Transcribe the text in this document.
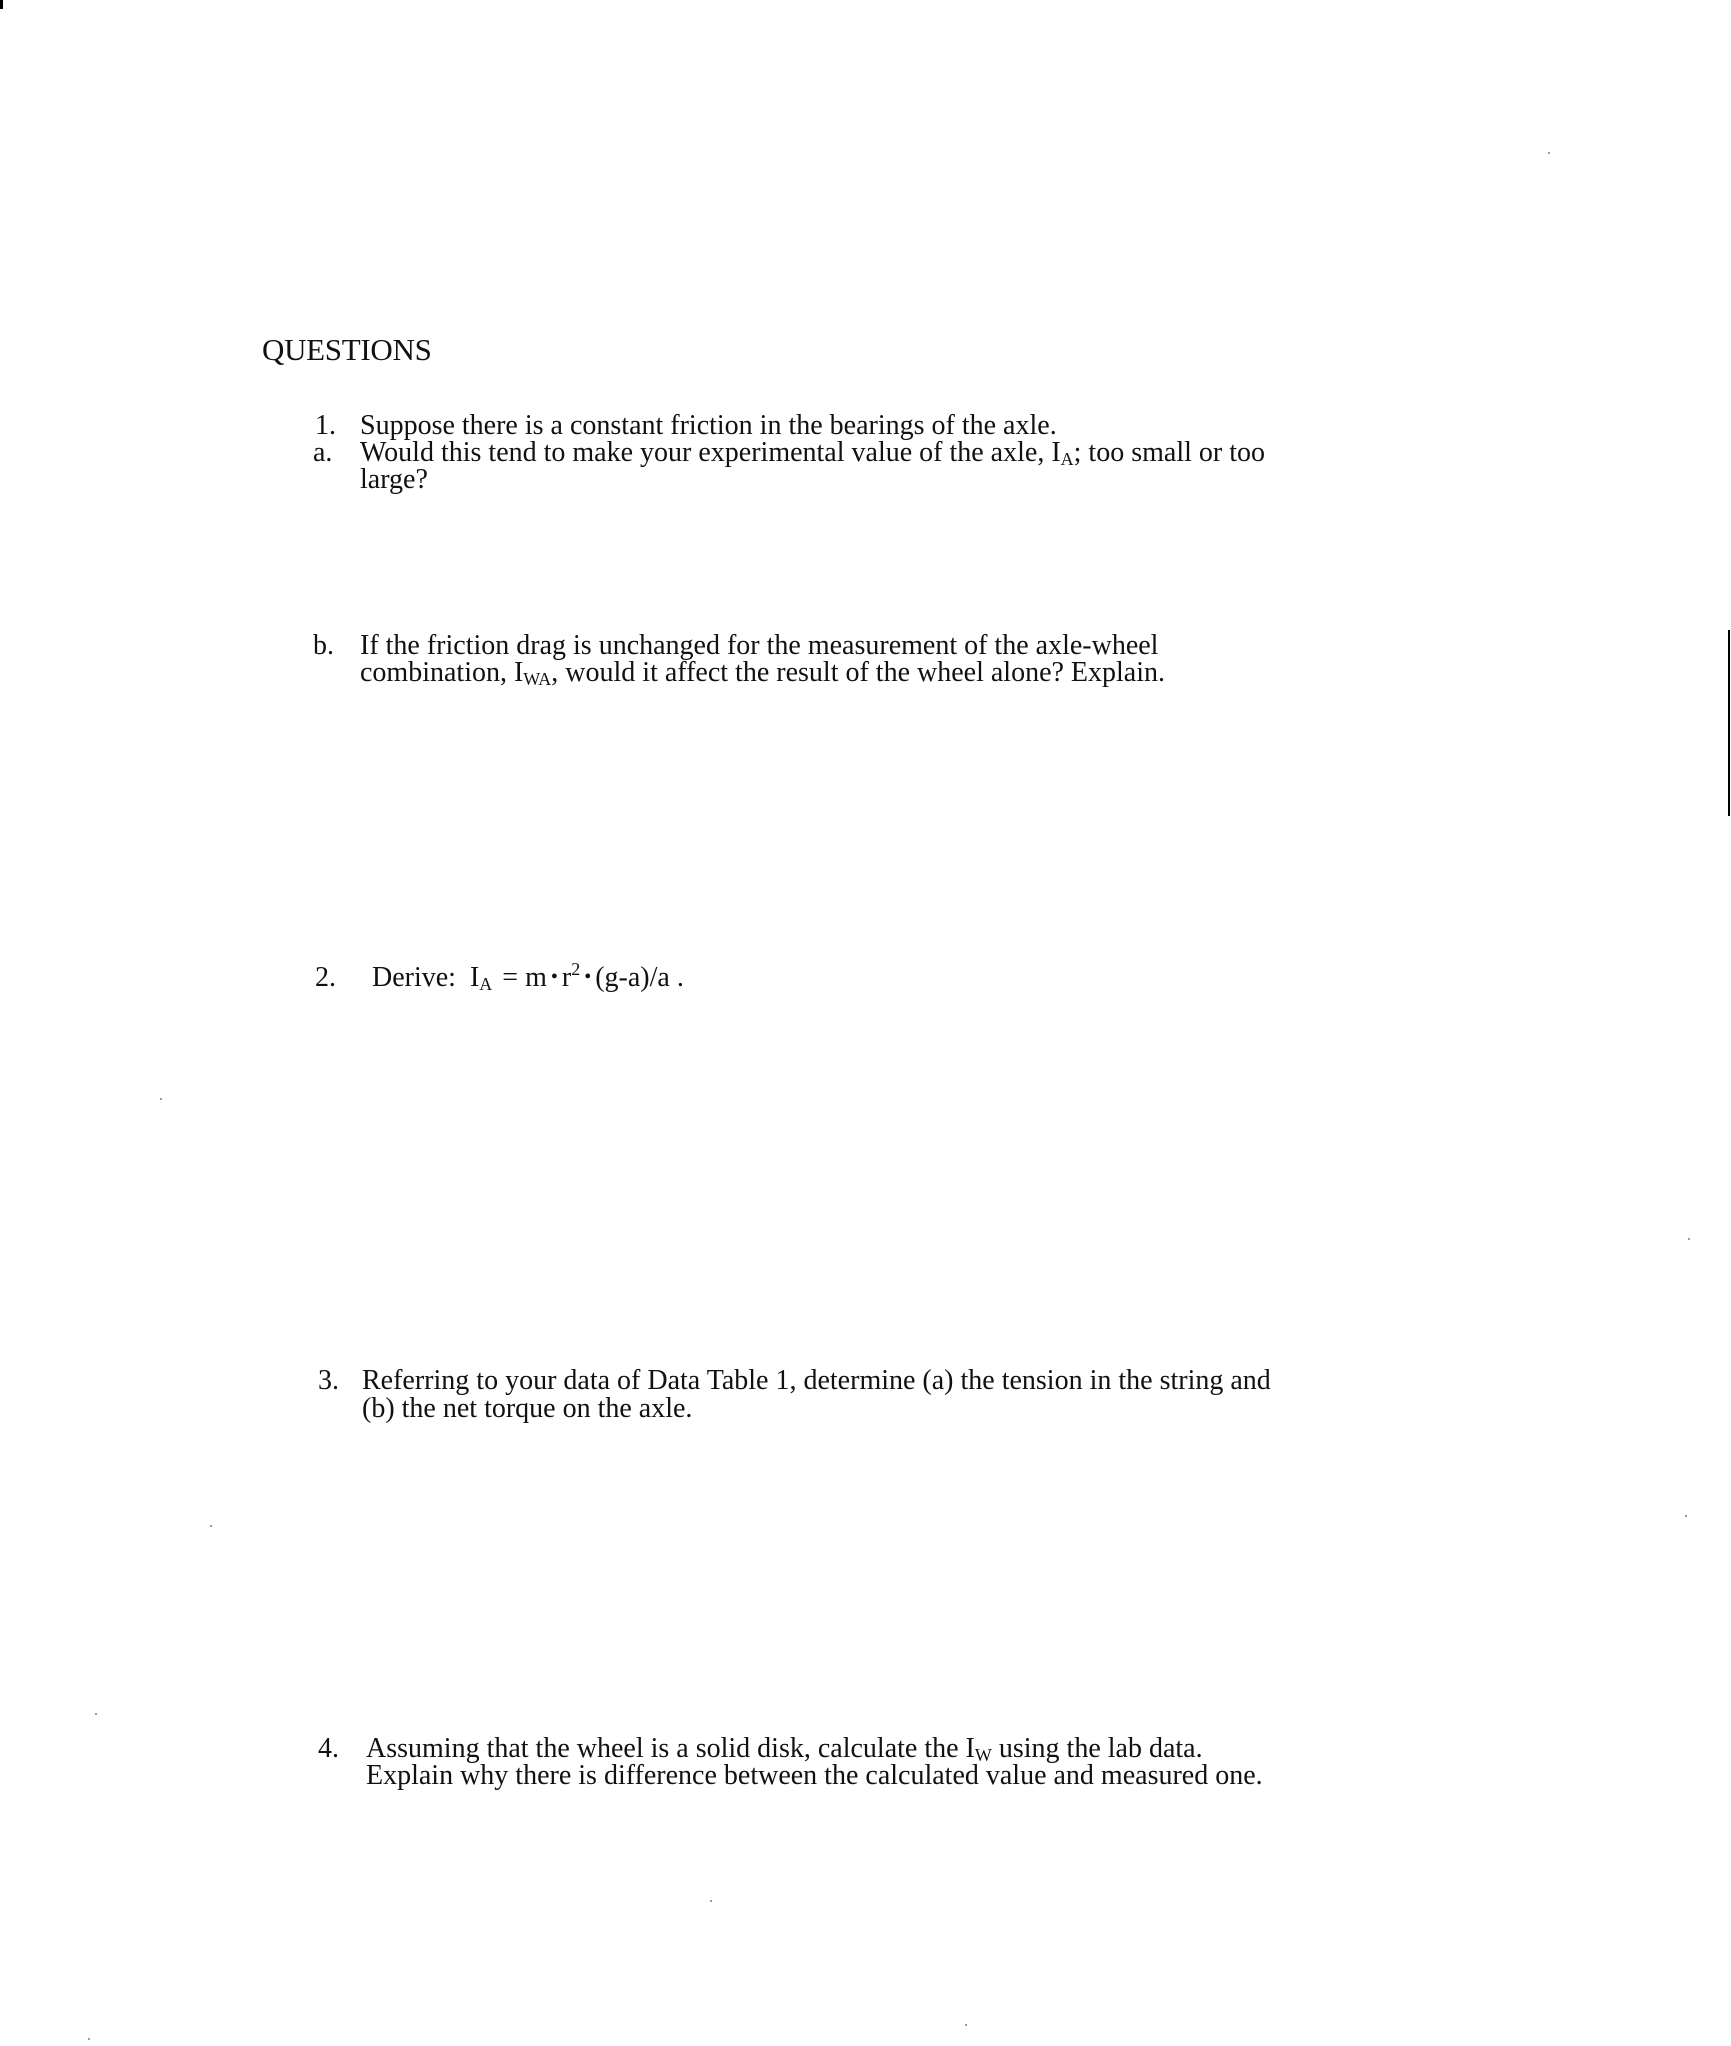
QUESTIONS
1. Suppose there is a constant friction in the bearings of the axle.
a. Would this tend to make your experimental value of the axle, $I_A$; too small or too
large?
b. If the friction drag is unchanged for the measurement of the axle-wheel
combination, $I_{WA}$, would it affect the result of the wheel alone? Explain.
2. Derive: $I_A = m$ • $r^2$ • (g-a)/a .
3. Referring to your data of Data Table 1, determine (a) the tension in the string and
(b) the net torque on the axle.
4. Assuming that the wheel is a solid disk, calculate the $I_W$ using the lab data.
Explain why there is difference between the calculated value and measured one.
